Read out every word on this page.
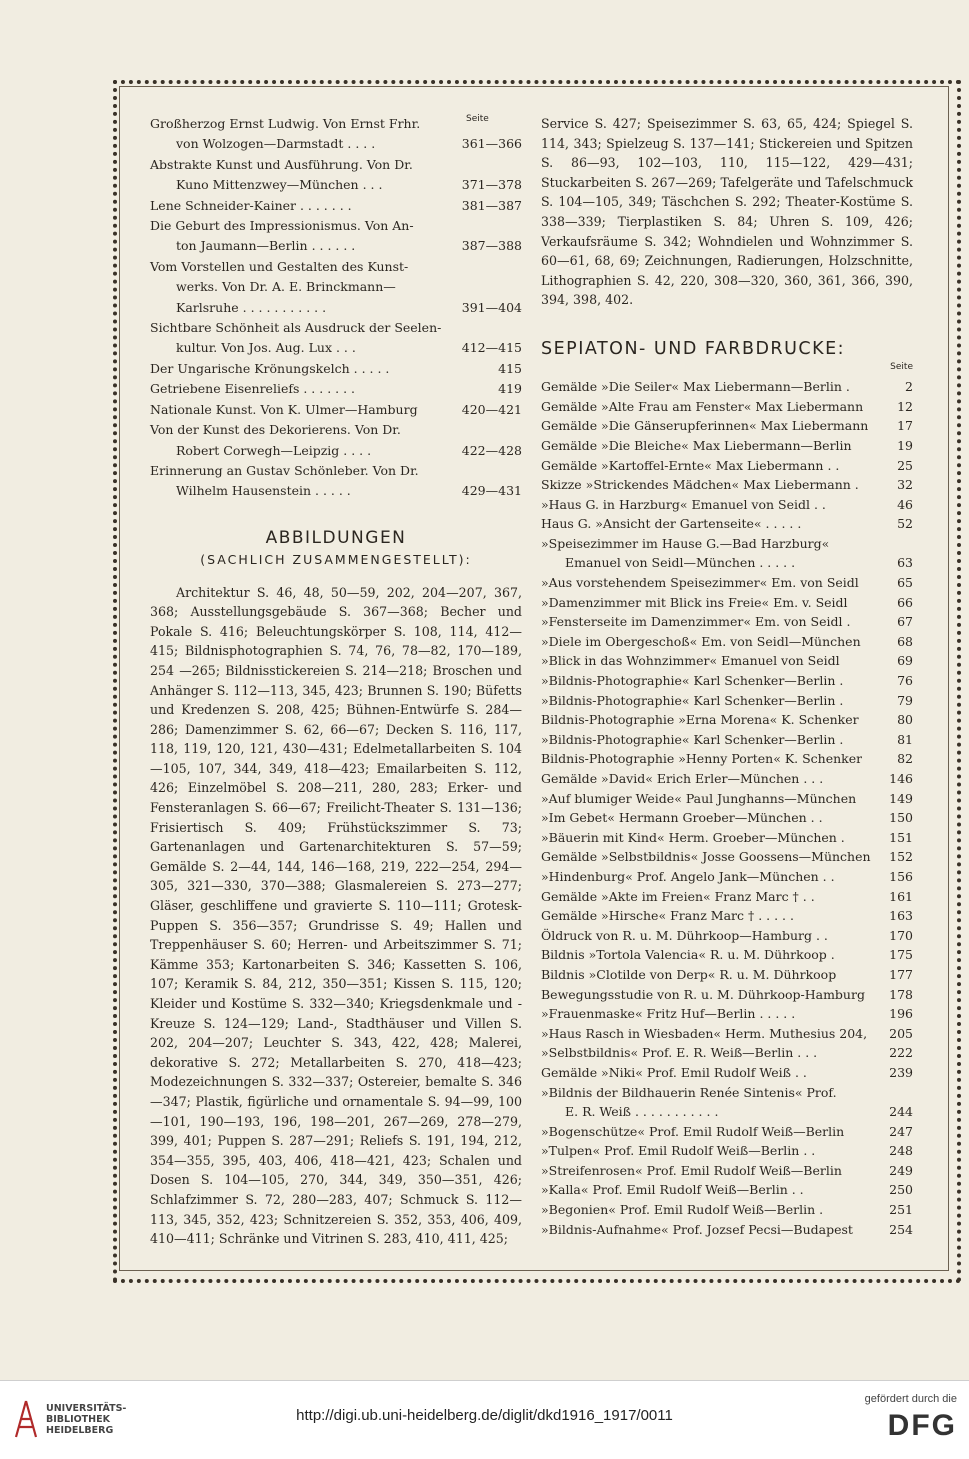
Seite
Großherzog Ernst Ludwig. Von Ernst Frhr.
von Wolzogen—Darmstadt . . . .	361—366
Abstrakte Kunst und Ausführung. Von Dr.
Kuno Mittenzwey—München . . .	371—378
Lene Schneider-Kainer . . . . . . .	381—387
Die Geburt des Impressionismus. Von An-
ton Jaumann—Berlin . . . . . .	387—388
Vom Vorstellen und Gestalten des Kunst-
werks. Von Dr. A. E. Brinckmann—
Karlsruhe . . . . . . . . . . .	391—404
Sichtbare Schönheit als Ausdruck der Seelen-
kultur. Von Jos. Aug. Lux . . .	412—415
Der Ungarische Krönungskelch . . . . .	415
Getriebene Eisenreliefs . . . . . . .	419
Nationale Kunst. Von K. Ulmer—Hamburg	420—421
Von der Kunst des Dekorierens. Von Dr.
Robert Corwegh—Leipzig . . . .	422—428
Erinnerung an Gustav Schönleber. Von Dr.
Wilhelm Hausenstein . . . . .	429—431
ABBILDUNGEN
(SACHLICH ZUSAMMENGESTELLT):
Architektur S. 46, 48, 50—59, 202, 204—207, 367, 368; Ausstellungsgebäude S. 367—368; Becher und Pokale S. 416; Beleuchtungskörper S. 108, 114, 412—415; Bildnisphotographien S. 74, 76, 78—82, 170—189, 254 —265; Bildnisstickereien S. 214—218; Broschen und Anhänger S. 112—113, 345, 423; Brunnen S. 190; Büfetts und Kredenzen S. 208, 425; Bühnen-Entwürfe S. 284—286; Damenzimmer S. 62, 66—67; Decken S. 116, 117, 118, 119, 120, 121, 430—431; Edelmetallarbeiten S. 104—105, 107, 344, 349, 418—423; Emailarbeiten S. 112, 426; Einzelmöbel S. 208—211, 280, 283; Erker- und Fensteranlagen S. 66—67; Freilicht-Theater S. 131—136; Frisiertisch S. 409; Frühstückszimmer S. 73; Gartenanlagen und Gartenarchitekturen S. 57—59; Gemälde S. 2—44, 144, 146—168, 219, 222—254, 294—305, 321—330, 370—388; Glasmalereien S. 273—277; Gläser, geschliffene und gravierte S. 110—111; Grotesk-Puppen S. 356—357; Grundrisse S. 49; Hallen und Treppenhäuser S. 60; Herren- und Arbeitszimmer S. 71; Kämme 353; Kartonarbeiten S. 346; Kassetten S. 106, 107; Keramik S. 84, 212, 350—351; Kissen S. 115, 120; Kleider und Kostüme S. 332—340; Kriegsdenkmale und -Kreuze S. 124—129; Land-, Stadthäuser und Villen S. 202, 204—207; Leuchter S. 343, 422, 428; Malerei, dekorative S. 272; Metallarbeiten S. 270, 418—423; Modezeichnungen S. 332—337; Ostereier, bemalte S. 346—347; Plastik, figürliche und ornamentale S. 94—99, 100—101, 190—193, 196, 198—201, 267—269, 278—279, 399, 401; Puppen S. 287—291; Reliefs S. 191, 194, 212, 354—355, 395, 403, 406, 418—421, 423; Schalen und Dosen S. 104—105, 270, 344, 349, 350—351, 426; Schlafzimmer S. 72, 280—283, 407; Schmuck S. 112—113, 345, 352, 423; Schnitzereien S. 352, 353, 406, 409, 410—411; Schränke und Vitrinen S. 283, 410, 411, 425;
Service S. 427; Speisezimmer S. 63, 65, 424; Spiegel S. 114, 343; Spielzeug S. 137—141; Stickereien und Spitzen S. 86—93, 102—103, 110, 115—122, 429—431; Stuckarbeiten S. 267—269; Tafelgeräte und Tafelschmuck S. 104—105, 349; Täschchen S. 292; Theater-Kostüme S. 338—339; Tierplastiken S. 84; Uhren S. 109, 426; Verkaufsräume S. 342; Wohndielen und Wohnzimmer S. 60—61, 68, 69; Zeichnungen, Radierungen, Holzschnitte, Lithographien S. 42, 220, 308—320, 360, 361, 366, 390, 394, 398, 402.
SEPIATON- UND FARBDRUCKE:
Seite
Gemälde »Die Seiler« Max Liebermann—Berlin .	2
Gemälde »Alte Frau am Fenster« Max Liebermann	12
Gemälde »Die Gänserupferinnen« Max Liebermann	17
Gemälde »Die Bleiche« Max Liebermann—Berlin	19
Gemälde »Kartoffel-Ernte« Max Liebermann . .	25
Skizze »Strickendes Mädchen« Max Liebermann .	32
»Haus G. in Harzburg« Emanuel von Seidl . .	46
Haus G. »Ansicht der Gartenseite« . . . . .	52
»Speisezimmer im Hause G.—Bad Harzburg«
Emanuel von Seidl—München . . . . .	63
»Aus vorstehendem Speisezimmer« Em. von Seidl	65
»Damenzimmer mit Blick ins Freie« Em. v. Seidl	66
»Fensterseite im Damenzimmer« Em. von Seidl .	67
»Diele im Obergeschoß« Em. von Seidl—München	68
»Blick in das Wohnzimmer« Emanuel von Seidl	69
»Bildnis-Photographie« Karl Schenker—Berlin .	76
»Bildnis-Photographie« Karl Schenker—Berlin .	79
Bildnis-Photographie »Erna Morena« K. Schenker	80
»Bildnis-Photographie« Karl Schenker—Berlin .	81
Bildnis-Photographie »Henny Porten« K. Schenker	82
Gemälde »David« Erich Erler—München . . .	146
»Auf blumiger Weide« Paul Junghanns—München	149
»Im Gebet« Hermann Groeber—München . .	150
»Bäuerin mit Kind« Herm. Groeber—München .	151
Gemälde »Selbstbildnis« Josse Goossens—München	152
»Hindenburg« Prof. Angelo Jank—München . .	156
Gemälde »Akte im Freien« Franz Marc † . .	161
Gemälde »Hirsche« Franz Marc † . . . . .	163
Öldruck von R. u. M. Dührkoop—Hamburg . .	170
Bildnis »Tortola Valencia« R. u. M. Dührkoop .	175
Bildnis »Clotilde von Derp« R. u. M. Dührkoop	177
Bewegungsstudie von R. u. M. Dührkoop-Hamburg	178
»Frauenmaske« Fritz Huf—Berlin . . . . .	196
»Haus Rasch in Wiesbaden« Herm. Muthesius 204,	205
»Selbstbildnis« Prof. E. R. Weiß—Berlin . . .	222
Gemälde »Niki« Prof. Emil Rudolf Weiß . .	239
»Bildnis der Bildhauerin Renée Sintenis« Prof.
E. R. Weiß . . . . . . . . . . .	244
»Bogenschütze« Prof. Emil Rudolf Weiß—Berlin	247
»Tulpen« Prof. Emil Rudolf Weiß—Berlin . .	248
»Streifenrosen« Prof. Emil Rudolf Weiß—Berlin	249
»Kalla« Prof. Emil Rudolf Weiß—Berlin . .	250
»Begonien« Prof. Emil Rudolf Weiß—Berlin .	251
»Bildnis-Aufnahme« Prof. Jozsef Pecsi—Budapest	254
UNIVERSITÄTS-
BIBLIOTHEK
HEIDELBERG
http://digi.ub.uni-heidelberg.de/diglit/dkd1916_1917/0011
gefördert durch die
DFG
